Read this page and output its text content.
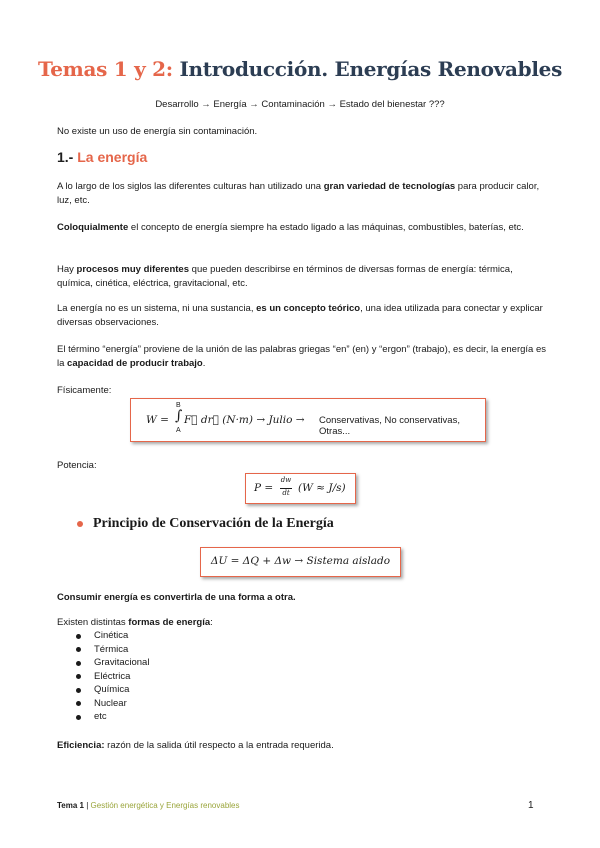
Temas 1 y 2: Introducción. Energías Renovables
Desarrollo → Energía → Contaminación → Estado del bienestar ???
No existe un uso de energía sin contaminación.
1.- La energía
A lo largo de los siglos las diferentes culturas han utilizado una gran variedad de tecnologías para producir calor, luz, etc.
Coloquialmente el concepto de energía siempre ha estado ligado a las máquinas, combustibles, baterías, etc.
Hay procesos muy diferentes que pueden describirse en términos de diversas formas de energía: térmica, química, cinética, eléctrica, gravitacional, etc.
La energía no es un sistema, ni una sustancia, es un concepto teórico, una idea utilizada para conectar y explicar diversas observaciones.
El término “energía” proviene de la unión de las palabras griegas “en” (en) y “ergon” (trabajo), es decir, la energía es la capacidad de producir trabajo.
Físicamente:
W =
B
∫
A
F⃗ dr⃗ (N·m) → Julio → Conservativas, No conservativas, Otras...
Potencia:
P =
dw
dt (W ≈ J/s)
Principio de Conservación de la Energía
ΔU = ΔQ + Δw → Sistema aislado
Consumir energía es convertirla de una forma a otra.
Existen distintas formas de energía:
Cinética
Térmica
Gravitacional
Eléctrica
Química
Nuclear
etc
Eficiencia: razón de la salida útil respecto a la entrada requerida.
Tema 1 | Gestión energética y Energías renovables	1
